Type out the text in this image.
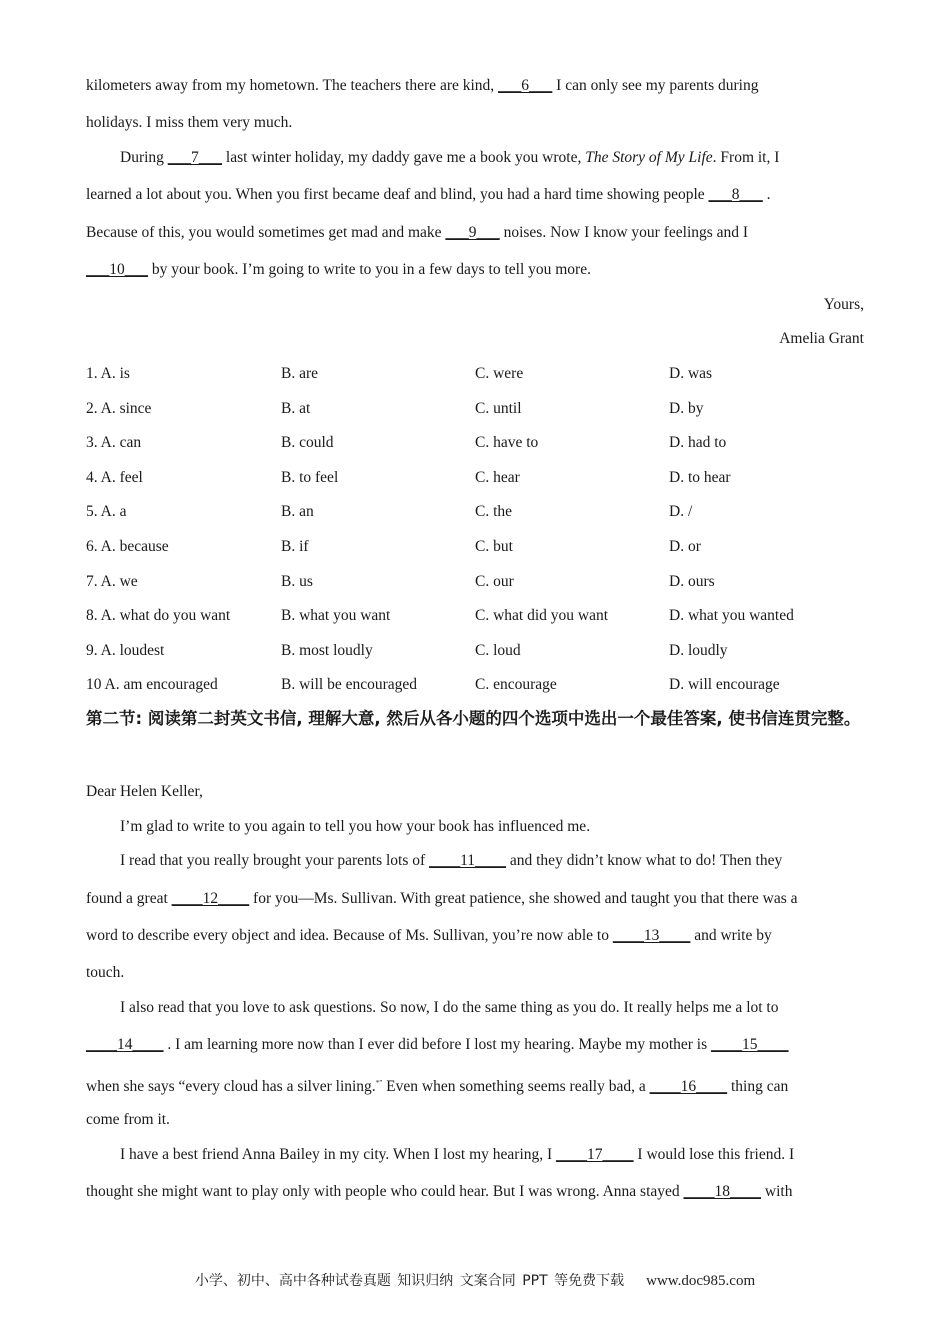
kilometers away from my hometown. The teachers there are kind, ___6___ I can only see my parents during
holidays. I miss them very much.
During ___7___ last winter holiday, my daddy gave me a book you wrote, The Story of My Life. From it, I
learned a lot about you. When you first became deaf and blind, you had a hard time showing people ___8___ .
Because of this, you would sometimes get mad and make ___9___ noises. Now I know your feelings and I
___10___ by your book. I’m going to write to you in a few days to tell you more.
Yours,
Amelia Grant
1. A. is	B. are	C. were	D. was
2. A. since	B. at	C. until	D. by
3. A. can	B. could	C. have to	D. had to
4. A. feel	B. to feel	C. hear	D. to hear
5. A. a	B. an	C. the	D. /
6. A. because	B. if	C. but	D. or
7. A. we	B. us	C. our	D. ours
8. A. what do you want	B. what you want	C. what did you want	D. what you wanted
9. A. loudest	B. most loudly	C. loud	D. loudly
10 A. am encouraged	B. will be encouraged	C. encourage	D. will encourage
第二节: 阅读第二封英文书信, 理解大意, 然后从各小题的四个选项中选出一个最佳答案, 使书信连贯完整。
Dear Helen Keller,
I’m glad to write to you again to tell you how your book has influenced me.
I read that you really brought your parents lots of ____11____ and they didn’t know what to do! Then they
found a great ____12____ for you—Ms. Sullivan. With great patience, she showed and taught you that there was a
word to describe every object and idea. Because of Ms. Sullivan, you’re now able to ____13____ and write by
touch.
I also read that you love to ask questions. So now, I do the same thing as you do. It really helps me a lot to
____14____ . I am learning more now than I ever did before I lost my hearing. Maybe my mother is ____15____
when she says “every cloud has a silver lining.*” Even when something seems really bad, a ____16____ thing can
come from it.
I have a best friend Anna Bailey in my city. When I lost my hearing, I ____17____ I would lose this friend. I
thought she might want to play only with people who could hear. But I was wrong. Anna stayed ____18____ with
小学、初中、高中各种试卷真题 知识归纳 文案合同 PPT 等免费下载 www.doc985.com
